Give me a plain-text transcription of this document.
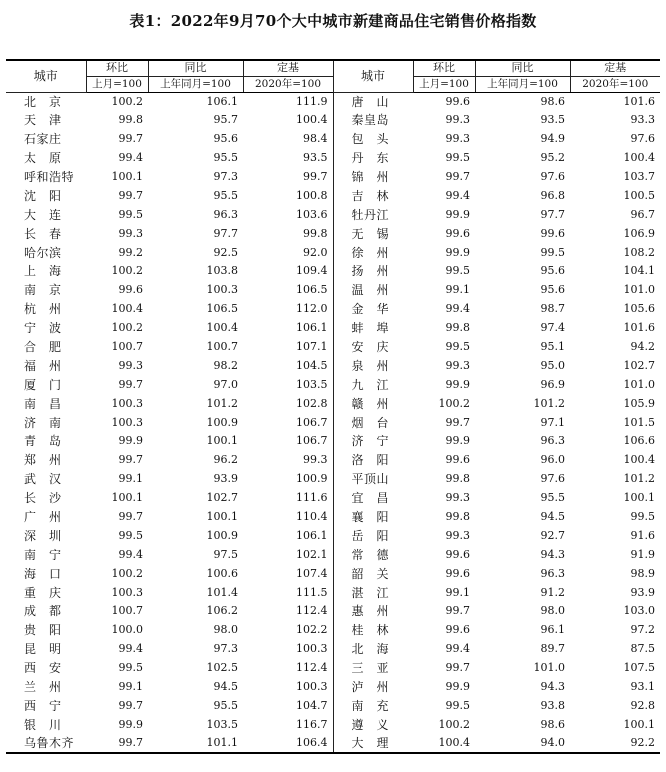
表1：2022年9月70个大中城市新建商品住宅销售价格指数
城市	环比	同比	定基	城市	环比	同比	定基
	上月=100	上年同月=100	2020年=100		上月=100	上年同月=100	2020年=100
北　京	100.2	106.1	111.9	唐　山	99.6	98.6	101.6
天　津	99.8	95.7	100.4	秦皇岛	99.3	93.5	93.3
石家庄	99.7	95.6	98.4	包　头	99.3	94.9	97.6
太　原	99.4	95.5	93.5	丹　东	99.5	95.2	100.4
呼和浩特	100.1	97.3	99.7	锦　州	99.7	97.6	103.7
沈　阳	99.7	95.5	100.8	吉　林	99.4	96.8	100.5
大　连	99.5	96.3	103.6	牡丹江	99.9	97.7	96.7
长　春	99.3	97.7	99.8	无　锡	99.6	99.6	106.9
哈尔滨	99.2	92.5	92.0	徐　州	99.9	99.5	108.2
上　海	100.2	103.8	109.4	扬　州	99.5	95.6	104.1
南　京	99.6	100.3	106.5	温　州	99.1	95.6	101.0
杭　州	100.4	106.5	112.0	金　华	99.4	98.7	105.6
宁　波	100.2	100.4	106.1	蚌　埠	99.8	97.4	101.6
合　肥	100.7	100.7	107.1	安　庆	99.5	95.1	94.2
福　州	99.3	98.2	104.5	泉　州	99.3	95.0	102.7
厦　门	99.7	97.0	103.5	九　江	99.9	96.9	101.0
南　昌	100.3	101.2	102.8	赣　州	100.2	101.2	105.9
济　南	100.3	100.9	106.7	烟　台	99.7	97.1	101.5
青　岛	99.9	100.1	106.7	济　宁	99.9	96.3	106.6
郑　州	99.7	96.2	99.3	洛　阳	99.6	96.0	100.4
武　汉	99.1	93.9	100.9	平顶山	99.8	97.6	101.2
长　沙	100.1	102.7	111.6	宜　昌	99.3	95.5	100.1
广　州	99.7	100.1	110.4	襄　阳	99.8	94.5	99.5
深　圳	99.5	100.9	106.1	岳　阳	99.3	92.7	91.6
南　宁	99.4	97.5	102.1	常　德	99.6	94.3	91.9
海　口	100.2	100.6	107.4	韶　关	99.6	96.3	98.9
重　庆	100.3	101.4	111.5	湛　江	99.1	91.2	93.9
成　都	100.7	106.2	112.4	惠　州	99.7	98.0	103.0
贵　阳	100.0	98.0	102.2	桂　林	99.6	96.1	97.2
昆　明	99.4	97.3	100.3	北　海	99.4	89.7	87.5
西　安	99.5	102.5	112.4	三　亚	99.7	101.0	107.5
兰　州	99.1	94.5	100.3	泸　州	99.9	94.3	93.1
西　宁	99.7	95.5	104.7	南　充	99.5	93.8	92.8
银　川	99.9	103.5	116.7	遵　义	100.2	98.6	100.1
乌鲁木齐	99.7	101.1	106.4	大　理	100.4	94.0	92.2
